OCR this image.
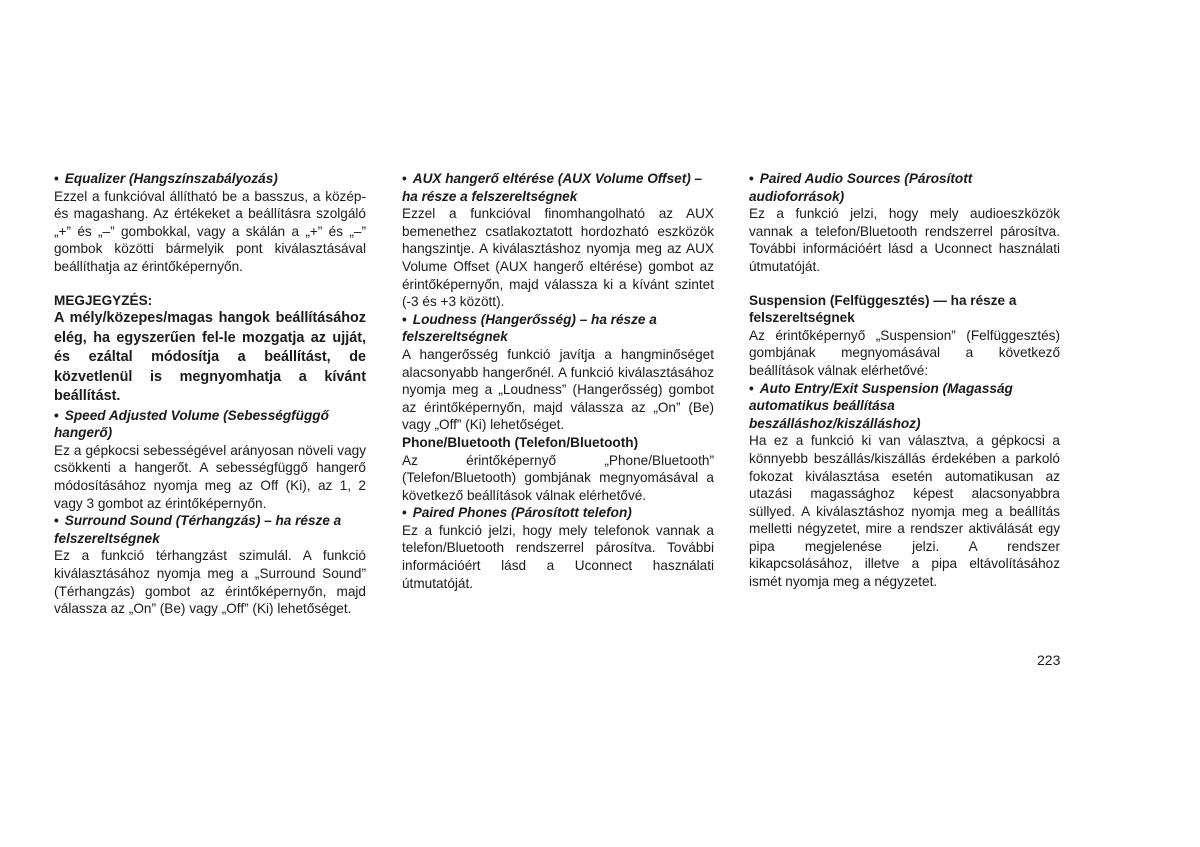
• Equalizer (Hangszínszabályozás)

Ezzel a funkcióval állítható be a basszus, a közép- és magashang. Az értékeket a beállításra szolgáló „+” és „–” gombokkal, vagy a skálán a „+” és „–” gombok közötti bármelyik pont kiválasztásával beállíthatja az érintőképernyőn.

MEGJEGYZÉS:

A mély/közepes/magas hangok beállításához elég, ha egyszerűen fel-le mozgatja az ujját, és ezáltal módosítja a beállítást, de közvetlenül is megnyomhatja a kívánt beállítást.

• Speed Adjusted Volume (Sebességfüggő hangerő)

Ez a gépkocsi sebességével arányosan növeli vagy csökkenti a hangerőt. A sebességfüggő hangerő módosításához nyomja meg az Off (Ki), az 1, 2 vagy 3 gombot az érintőképernyőn.

• Surround Sound (Térhangzás) – ha része a felszereltségnek

Ez a funkció térhangzást szimulál. A funkció kiválasztásához nyomja meg a „Surround Sound” (Térhangzás) gombot az érintőképernyőn, majd válassza az „On” (Be) vagy „Off” (Ki) lehetőséget.

• AUX hangerő eltérése (AUX Volume Offset) – ha része a felszereltségnek

Ezzel a funkcióval finomhangolható az AUX bemenethez csatlakoztatott hordozható eszközök hangszintje. A kiválasztáshoz nyomja meg az AUX Volume Offset (AUX hangerő eltérése) gombot az érintőképernyőn, majd válassza ki a kívánt szintet (-3 és +3 között).

• Loudness (Hangerősség) – ha része a felszereltségnek

A hangerősség funkció javítja a hangminőséget alacsonyabb hangerőnél. A funkció kiválasztásához nyomja meg a „Loudness” (Hangerősség) gombot az érintőképernyőn, majd válassza az „On” (Be) vagy „Off” (Ki) lehetőséget.

Phone/Bluetooth (Telefon/Bluetooth)

Az érintőképernyő „Phone/Bluetooth” (Telefon/Bluetooth) gombjának megnyomásával a következő beállítások válnak elérhetővé.

• Paired Phones (Párosított telefon)

Ez a funkció jelzi, hogy mely telefonok vannak a telefon/Bluetooth rendszerrel párosítva. További információért lásd a Uconnect használati útmutatóját.

• Paired Audio Sources (Párosított audioforrások)

Ez a funkció jelzi, hogy mely audioeszközök vannak a telefon/Bluetooth rendszerrel párosítva. További információért lásd a Uconnect használati útmutatóját.

Suspension (Felfüggesztés) — ha része a felszereltségnek

Az érintőképernyő „Suspension” (Felfüggesztés) gombjának megnyomásával a következő beállítások válnak elérhetővé:

• Auto Entry/Exit Suspension (Magasság automatikus beállítása beszálláshoz/kiszálláshoz)

Ha ez a funkció ki van választva, a gépkocsi a könnyebb beszállás/kiszállás érdekében a parkoló fokozat kiválasztása esetén automatikusan az utazási magassághoz képest alacsonyabbra süllyed. A kiválasztáshoz nyomja meg a beállítás melletti négyzetet, mire a rendszer aktiválását egy pipa megjelenése jelzi. A rendszer kikapcsolásához, illetve a pipa eltávolításához ismét nyomja meg a négyzetet.

223
